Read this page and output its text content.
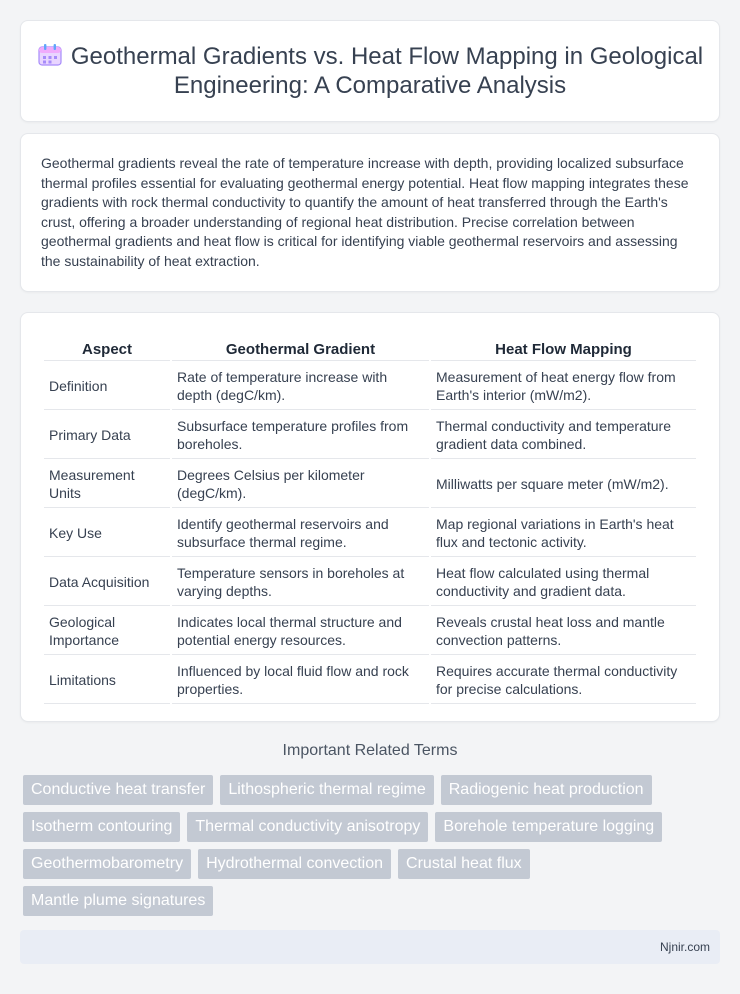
Geothermal Gradients vs. Heat Flow Mapping in Geological Engineering: A Comparative Analysis

Geothermal gradients reveal the rate of temperature increase with depth, providing localized subsurface thermal profiles essential for evaluating geothermal energy potential. Heat flow mapping integrates these gradients with rock thermal conductivity to quantify the amount of heat transferred through the Earth's crust, offering a broader understanding of regional heat distribution. Precise correlation between geothermal gradients and heat flow is critical for identifying viable geothermal reservoirs and assessing the sustainability of heat extraction.

Aspect	Geothermal Gradient	Heat Flow Mapping
Definition	Rate of temperature increase with depth (degC/km).	Measurement of heat energy flow from Earth's interior (mW/m2).
Primary Data	Subsurface temperature profiles from boreholes.	Thermal conductivity and temperature gradient data combined.
Measurement Units	Degrees Celsius per kilometer (degC/km).	Milliwatts per square meter (mW/m2).
Key Use	Identify geothermal reservoirs and subsurface thermal regime.	Map regional variations in Earth's heat flux and tectonic activity.
Data Acquisition	Temperature sensors in boreholes at varying depths.	Heat flow calculated using thermal conductivity and gradient data.
Geological Importance	Indicates local thermal structure and potential energy resources.	Reveals crustal heat loss and mantle convection patterns.
Limitations	Influenced by local fluid flow and rock properties.	Requires accurate thermal conductivity for precise calculations.
Important Related Terms
Conductive heat transfer	Lithospheric thermal regime	Radiogenic heat production
Isotherm contouring	Thermal conductivity anisotropy	Borehole temperature logging
Geothermobarometry	Hydrothermal convection	Crustal heat flux
Mantle plume signatures
Njnir.com
